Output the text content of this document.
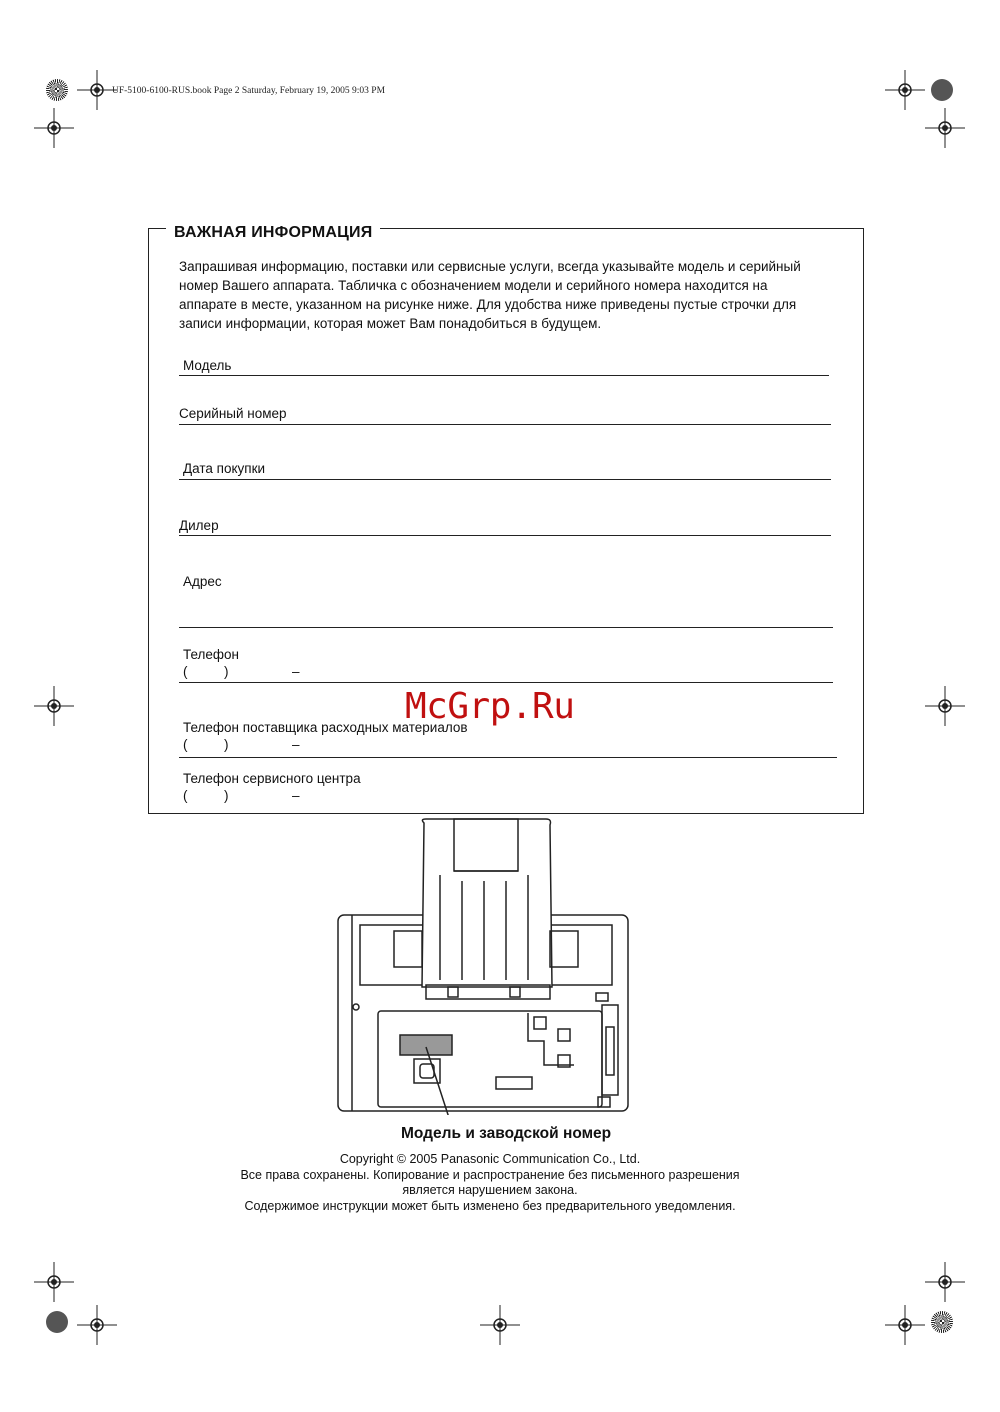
UF-5100-6100-RUS.book Page 2 Saturday, February 19, 2005 9:03 PM
ВАЖНАЯ ИНФОРМАЦИЯ
Запрашивая информацию, поставки или сервисные услуги, всегда указывайте модель и серийный
номер Вашего аппарата. Табличка с обозначением модели и серийного номера находится на
аппарате в месте, указанном на рисунке ниже. Для удобства ниже приведены пустые строчки для
записи информации, которая может Вам понадобиться в будущем.
Модель
Серийный номер
Дата покупки
Дилер
Адрес
Телефон
(	)	–
Телефон поставщика расходных материалов
(	)	–
Телефон сервисного центра
(	)	–
McGrp.Ru
Модель и заводской номер
Copyright © 2005 Panasonic Communication Co., Ltd.
Все права сохранены. Копирование и распространение без письменного разрешения
является нарушением закона.
Содержимое инструкции может быть изменено без предварительного уведомления.
